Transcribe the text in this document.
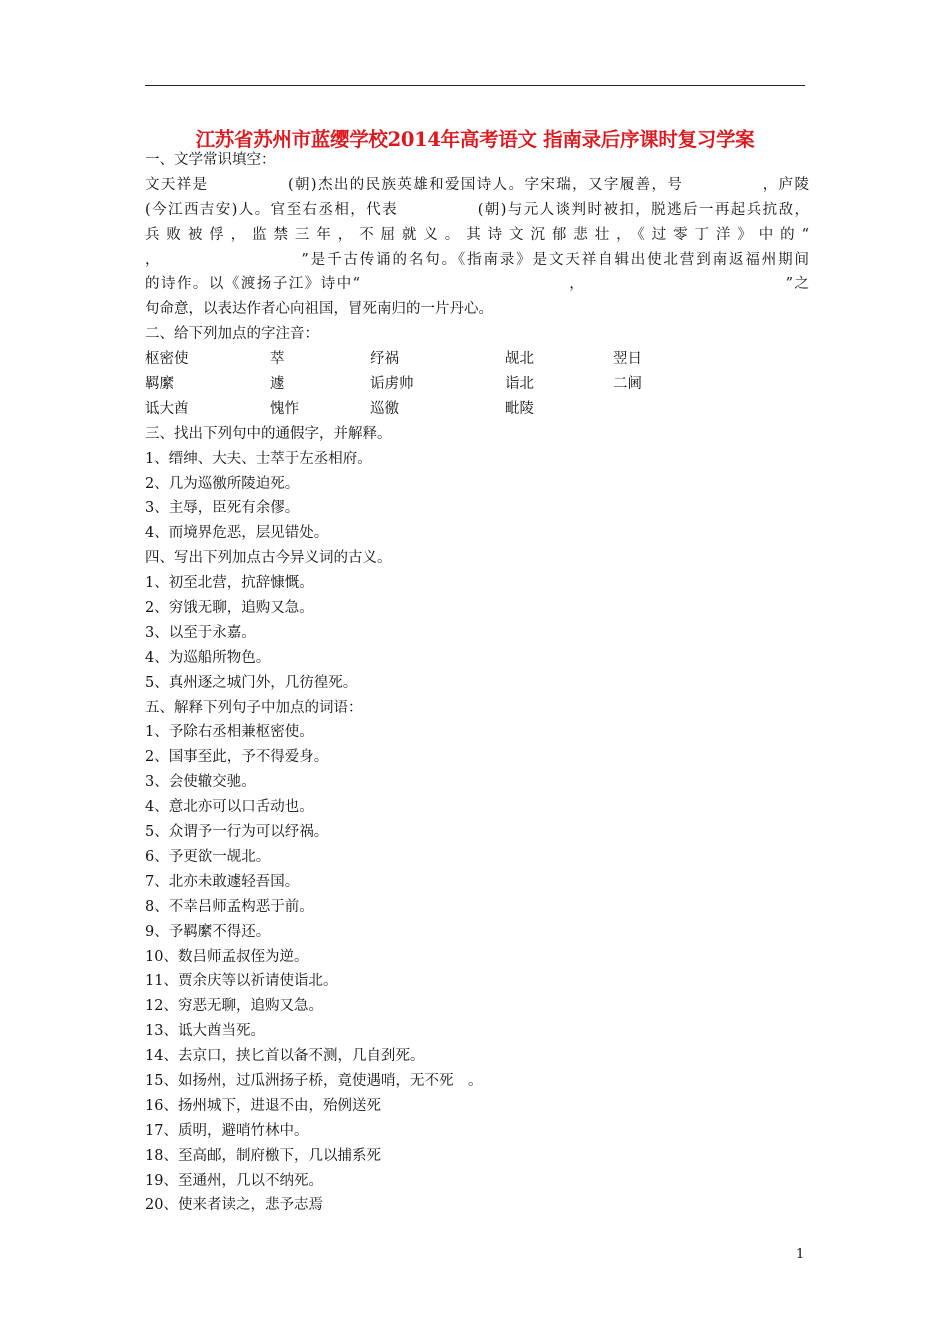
江苏省苏州市蓝缨学校2014年高考语文 指南录后序课时复习学案
一、文学常识填空：
文天祥是　　　　　(朝)杰出的民族英雄和爱国诗人。字宋瑞，又字履善，号　　　　　，庐陵
(今江西吉安)人。官至右丞相，代表　　　　　(朝)与元人谈判时被扣，脱逃后一再起兵抗敌，
兵败被俘，监禁三年，不屈就义。其诗文沉郁悲壮，《过零丁洋》中的“
，　　　　　　　　　”是千古传诵的名句。《指南录》是文天祥自辑出使北营到南返福州期间
的诗作。以《渡扬子江》诗中“　　　　　　　　　　　　　，　　　　　　　　　　　　　”之
句命意，以表达作者心向祖国，冒死南归的一片丹心。
二、给下列加点的字注音：
枢密使	萃	纾祸	觇北	翌日
羁縻	遽	诟虏帅	诣北	二阃
诋大酋	愧怍	巡徼	毗陵
三、找出下列句中的通假字，并解释。
1、缙绅、大夫、士萃于左丞相府。
2、几为巡徼所陵迫死。
3、主辱，臣死有余僇。
4、而境界危恶，层见错处。
四、写出下列加点古今异义词的古义。
1、初至北营，抗辞慷慨。
2、穷饿无聊，追购又急。
3、以至于永嘉。
4、为巡船所物色。
5、真州逐之城门外，几彷徨死。
五、解释下列句子中加点的词语：
1、予除右丞相兼枢密使。
2、国事至此，予不得爱身。
3、会使辙交驰。
4、意北亦可以口舌动也。
5、众谓予一行为可以纾祸。
6、予更欲一觇北。
7、北亦未敢遽轻吾国。
8、不幸吕师孟构恶于前。
9、予羁縻不得还。
10、数吕师孟叔侄为逆。
11、贾余庆等以祈请使诣北。
12、穷恶无聊，追购又急。
13、诋大酋当死。
14、去京口，挟匕首以备不测，几自刭死。
15、如扬州，过瓜洲扬子桥，竟使遇哨，无不死　。
16、扬州城下，进退不由，殆例送死
17、质明，避哨竹林中。
18、至高邮，制府檄下，几以捕系死
19、至通州，几以不纳死。
20、使来者读之，悲予志焉
1
